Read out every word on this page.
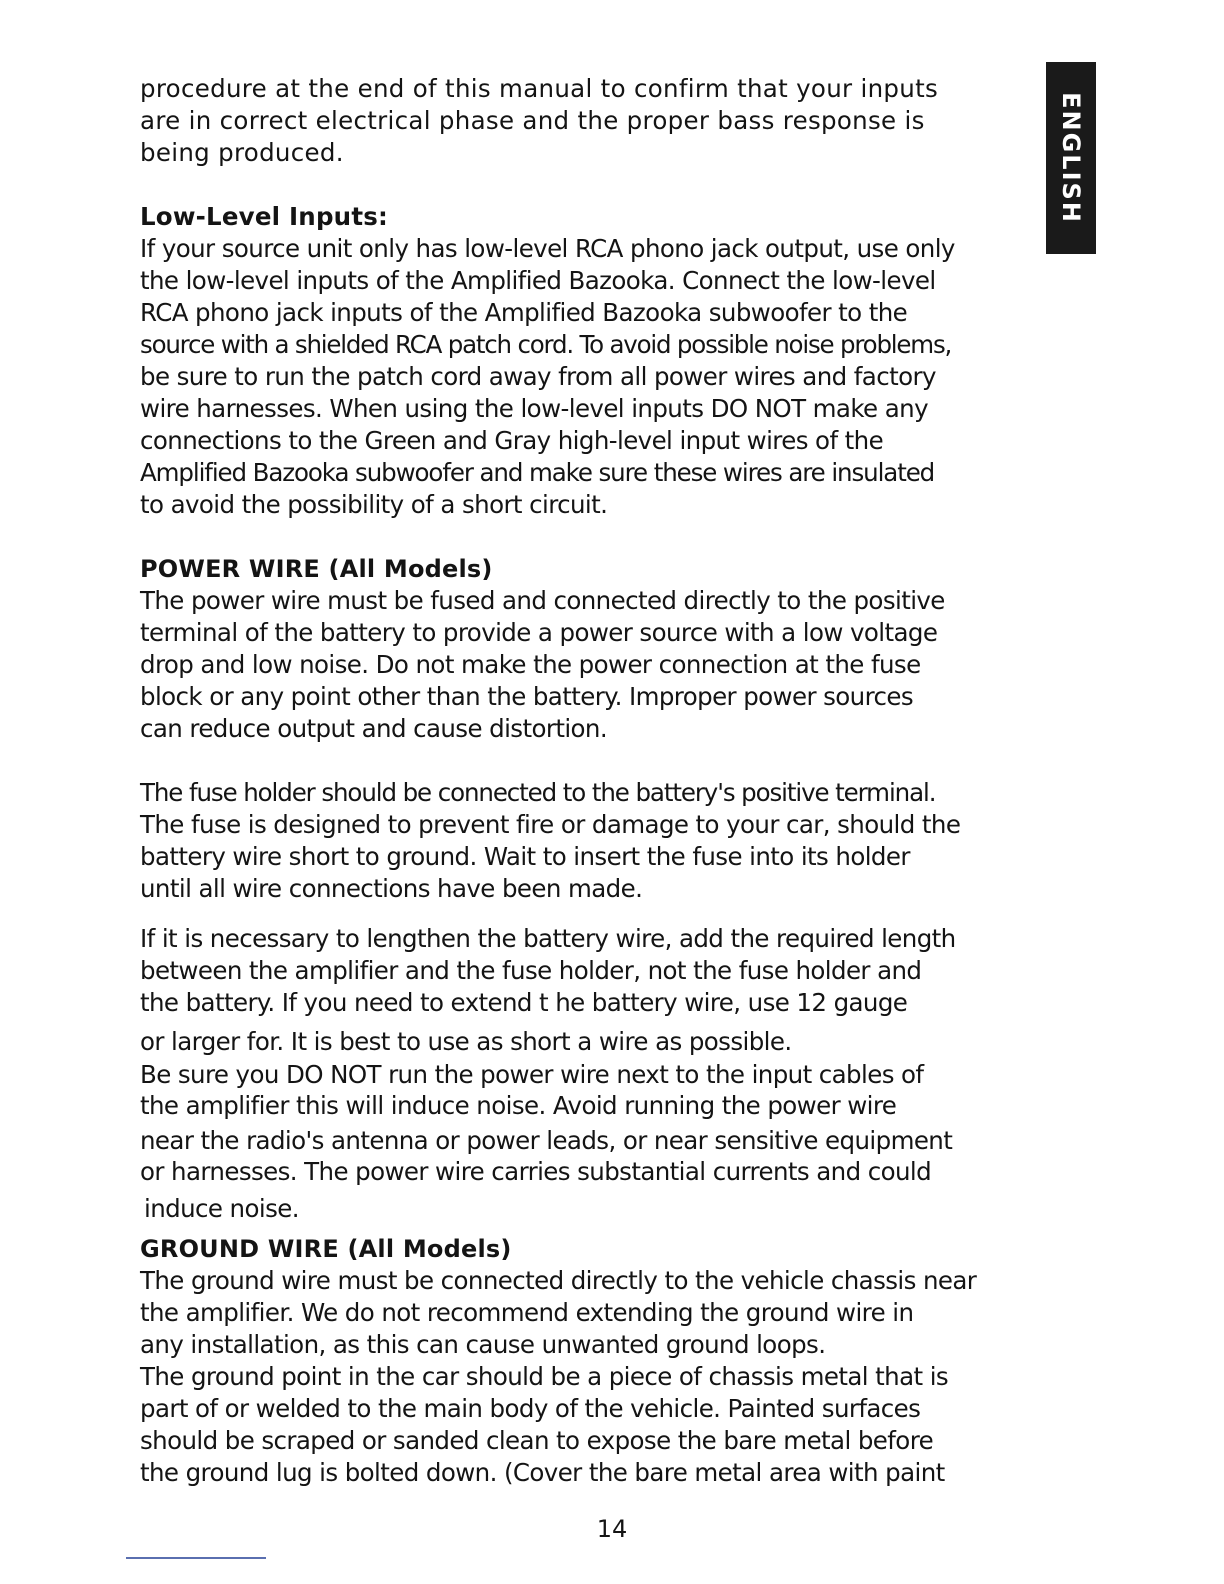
ENGLISH
procedure at the end of this manual to confirm that your inputs
are in correct electrical phase and the proper bass response is
being produced.
Low-Level Inputs:
If your source unit only has low-level RCA phono jack output, use only
the low-level inputs of the Amplified Bazooka. Connect the low-level
RCA phono jack inputs of the Amplified Bazooka subwoofer to the
source with a shielded RCA patch cord. To avoid possible noise problems,
be sure to run the patch cord away from all power wires and factory
wire harnesses. When using the low-level inputs DO NOT make any
connections to the Green and Gray high-level input wires of the
Amplified Bazooka subwoofer and make sure these wires are insulated
to avoid the possibility of a short circuit.
POWER WIRE (All Models)
The power wire must be fused and connected directly to the positive
terminal of the battery to provide a power source with a low voltage
drop and low noise. Do not make the power connection at the fuse
block or any point other than the battery. Improper power sources
can reduce output and cause distortion.
The fuse holder should be connected to the battery's positive terminal.
The fuse is designed to prevent fire or damage to your car, should the
battery wire short to ground. Wait to insert the fuse into its holder
until all wire connections have been made.
If it is necessary to lengthen the battery wire, add the required length
between the amplifier and the fuse holder, not the fuse holder and
the battery. If you need to extend t he battery wire, use 12 gauge
or larger for. It is best to use as short a wire as possible.
Be sure you DO NOT run the power wire next to the input cables of
the amplifier this will induce noise. Avoid running the power wire
near the radio's antenna or power leads, or near sensitive equipment
or harnesses. The power wire carries substantial currents and could
induce noise.
GROUND WIRE (All Models)
The ground wire must be connected directly to the vehicle chassis near
the amplifier. We do not recommend extending the ground wire in
any installation, as this can cause unwanted ground loops.
The ground point in the car should be a piece of chassis metal that is
part of or welded to the main body of the vehicle. Painted surfaces
should be scraped or sanded clean to expose the bare metal before
the ground lug is bolted down. (Cover the bare metal area with paint
14
